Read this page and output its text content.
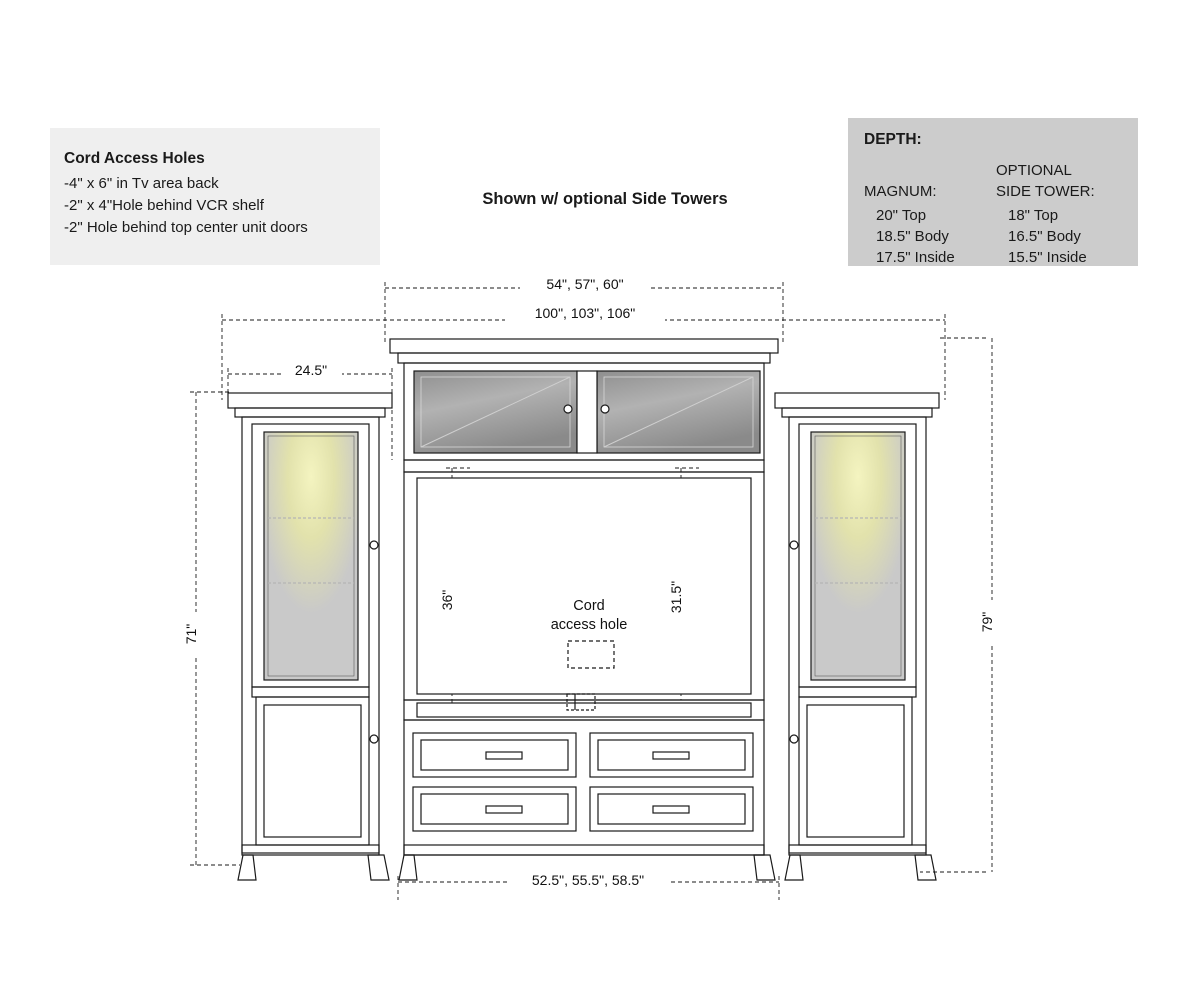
Cord Access Holes
-4" x 6" in Tv area back
-2" x 4"Hole behind VCR shelf
-2" Hole behind top center unit doors
DEPTH:
MAGNUM:
20" Top
18.5" Body
17.5" Inside
OPTIONAL
SIDE TOWER:
18" Top
16.5" Body
15.5" Inside
Shown w/ optional Side Towers
54", 57", 60"
100", 103", 106"
24.5"
71"
79"
36"	31.5"
52.5", 55.5", 58.5"
Cord
access hole
